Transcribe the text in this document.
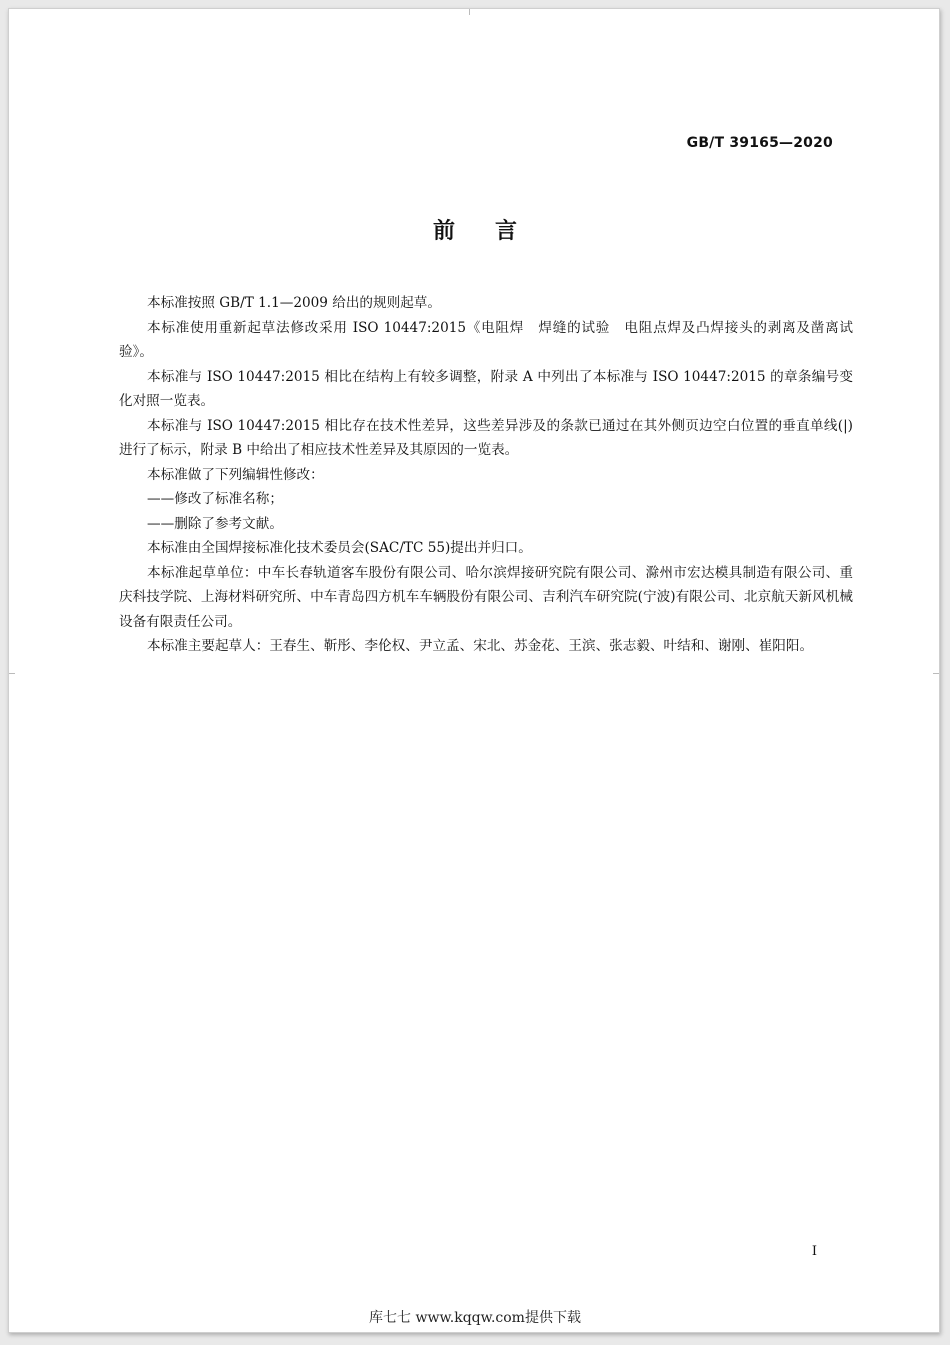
GB/T 39165—2020
前言

本标准按照 GB/T 1.1—2009 给出的规则起草。

本标准使用重新起草法修改采用 ISO 10447:2015《电阻焊　焊缝的试验　电阻点焊及凸焊接头的剥离及凿离试验》。

本标准与 ISO 10447:2015 相比在结构上有较多调整，附录 A 中列出了本标准与 ISO 10447:2015 的章条编号变化对照一览表。

本标准与 ISO 10447:2015 相比存在技术性差异，这些差异涉及的条款已通过在其外侧页边空白位置的垂直单线(|)进行了标示，附录 B 中给出了相应技术性差异及其原因的一览表。

本标准做了下列编辑性修改：

——修改了标准名称；

——删除了参考文献。

本标准由全国焊接标准化技术委员会(SAC/TC 55)提出并归口。

本标准起草单位：中车长春轨道客车股份有限公司、哈尔滨焊接研究院有限公司、滁州市宏达模具制造有限公司、重庆科技学院、上海材料研究所、中车青岛四方机车车辆股份有限公司、吉利汽车研究院(宁波)有限公司、北京航天新风机械设备有限责任公司。

本标准主要起草人：王春生、靳彤、李伦权、尹立孟、宋北、苏金花、王滨、张志毅、叶结和、谢刚、崔阳阳。

I
库七七 www.kqqw.com提供下载
